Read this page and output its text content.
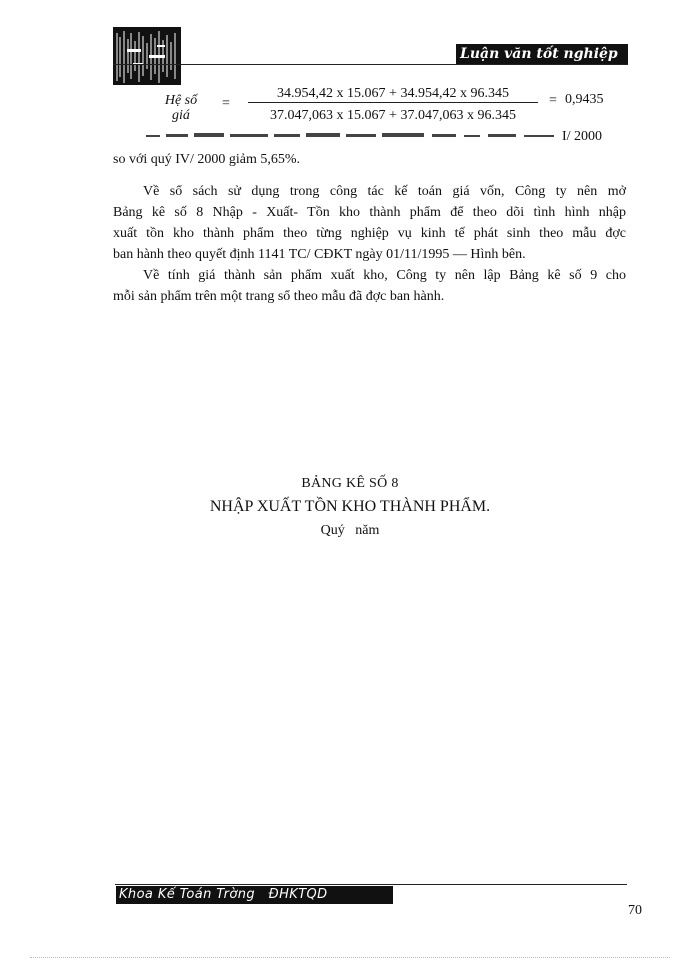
Luận văn tốt nghiệp
Hệ số
giá
=
34.954,42 x 15.067 + 34.954,42 x 96.345
37.047,063 x 15.067 + 37.047,063 x 96.345
= 0,9435
I/ 2000
so với quý IV/ 2000 giảm 5,65%.
Về sổ sách sử dụng trong công tác kế toán giá vốn, Công ty nên mở
Bảng kê số 8 Nhập - Xuất- Tồn kho thành phẩm để theo dõi tình hình nhập
xuất tồn kho thành phẩm theo từng nghiệp vụ kinh tế phát sinh theo mẫu đợc
ban hành theo quyết định 1141 TC/ CĐKT ngày 01/11/1995 — Hình bên.
Về tính giá thành sản phẩm xuất kho, Công ty nên lập Bảng kê số 9 cho
mỗi sản phẩm trên một trang sổ theo mẫu đã đợc ban hành.
BẢNG KÊ SỐ 8
NHẬP XUẤT TỒN KHO THÀNH PHẨM.
Quý   năm
Khoa Kế Toán Trờng   ĐHKTQD
70
